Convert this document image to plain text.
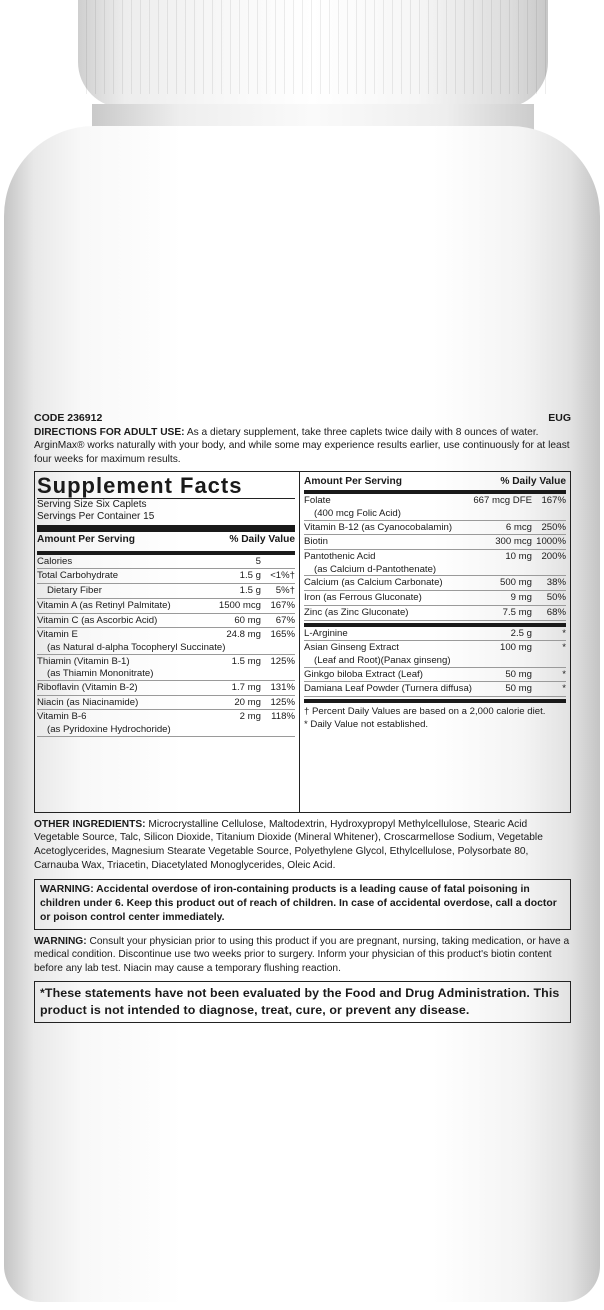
CODE 236912	EUG
DIRECTIONS FOR ADULT USE: As a dietary supplement, take three caplets twice daily with 8 ounces of water. ArginMax® works naturally with your body, and while some may experience results earlier, use continuously for at least four weeks for maximum results.
Supplement Facts
Serving Size Six Caplets
Servings Per Container 15
Amount Per Serving	% Daily Value
Calories	5
Total Carbohydrate	1.5 g <1%†
Dietary Fiber	1.5 g 5%†
Vitamin A (as Retinyl Palmitate)	1500 mcg 167%
Vitamin C (as Ascorbic Acid)	60 mg 67%
Vitamin E	24.8 mg 165%
(as Natural d-alpha Tocopheryl Succinate)
Thiamin (Vitamin B-1)	1.5 mg 125%
(as Thiamin Mononitrate)
Riboflavin (Vitamin B-2)	1.7 mg 131%
Niacin (as Niacinamide)	20 mg 125%
Vitamin B-6	2 mg 118%
(as Pyridoxine Hydrochoride)
Amount Per Serving	% Daily Value
Folate	667 mcg DFE 167%
(400 mcg Folic Acid)
Vitamin B-12 (as Cyanocobalamin)	6 mcg 250%
Biotin	300 mcg 1000%
Pantothenic Acid	10 mg 200%
(as Calcium d-Pantothenate)
Calcium (as Calcium Carbonate)	500 mg 38%
Iron (as Ferrous Gluconate)	9 mg 50%
Zinc (as Zinc Gluconate)	7.5 mg 68%
L-Arginine	2.5 g	*
Asian Ginseng Extract	100 mg	*
(Leaf and Root)(Panax ginseng)
Ginkgo biloba Extract (Leaf)	50 mg	*
Damiana Leaf Powder (Turnera diffusa)	50 mg	*
† Percent Daily Values are based on a 2,000 calorie diet.
* Daily Value not established.
OTHER INGREDIENTS: Microcrystalline Cellulose, Maltodextrin, Hydroxypropyl Methylcellulose, Stearic Acid Vegetable Source, Talc, Silicon Dioxide, Titanium Dioxide (Mineral Whitener), Croscarmellose Sodium, Vegetable Acetoglycerides, Magnesium Stearate Vegetable Source, Polyethylene Glycol, Ethylcellulose, Polysorbate 80, Carnauba Wax, Triacetin, Diacetylated Monoglycerides, Oleic Acid.
WARNING: Accidental overdose of iron-containing products is a leading cause of fatal poisoning in children under 6. Keep this product out of reach of children. In case of accidental overdose, call a doctor or poison control center immediately.
WARNING: Consult your physician prior to using this product if you are pregnant, nursing, taking medication, or have a medical condition. Discontinue use two weeks prior to surgery. Inform your physician of this product's biotin content before any lab test. Niacin may cause a temporary flushing reaction.
*These statements have not been evaluated by the Food and Drug Administration. This product is not intended to diagnose, treat, cure, or prevent any disease.
